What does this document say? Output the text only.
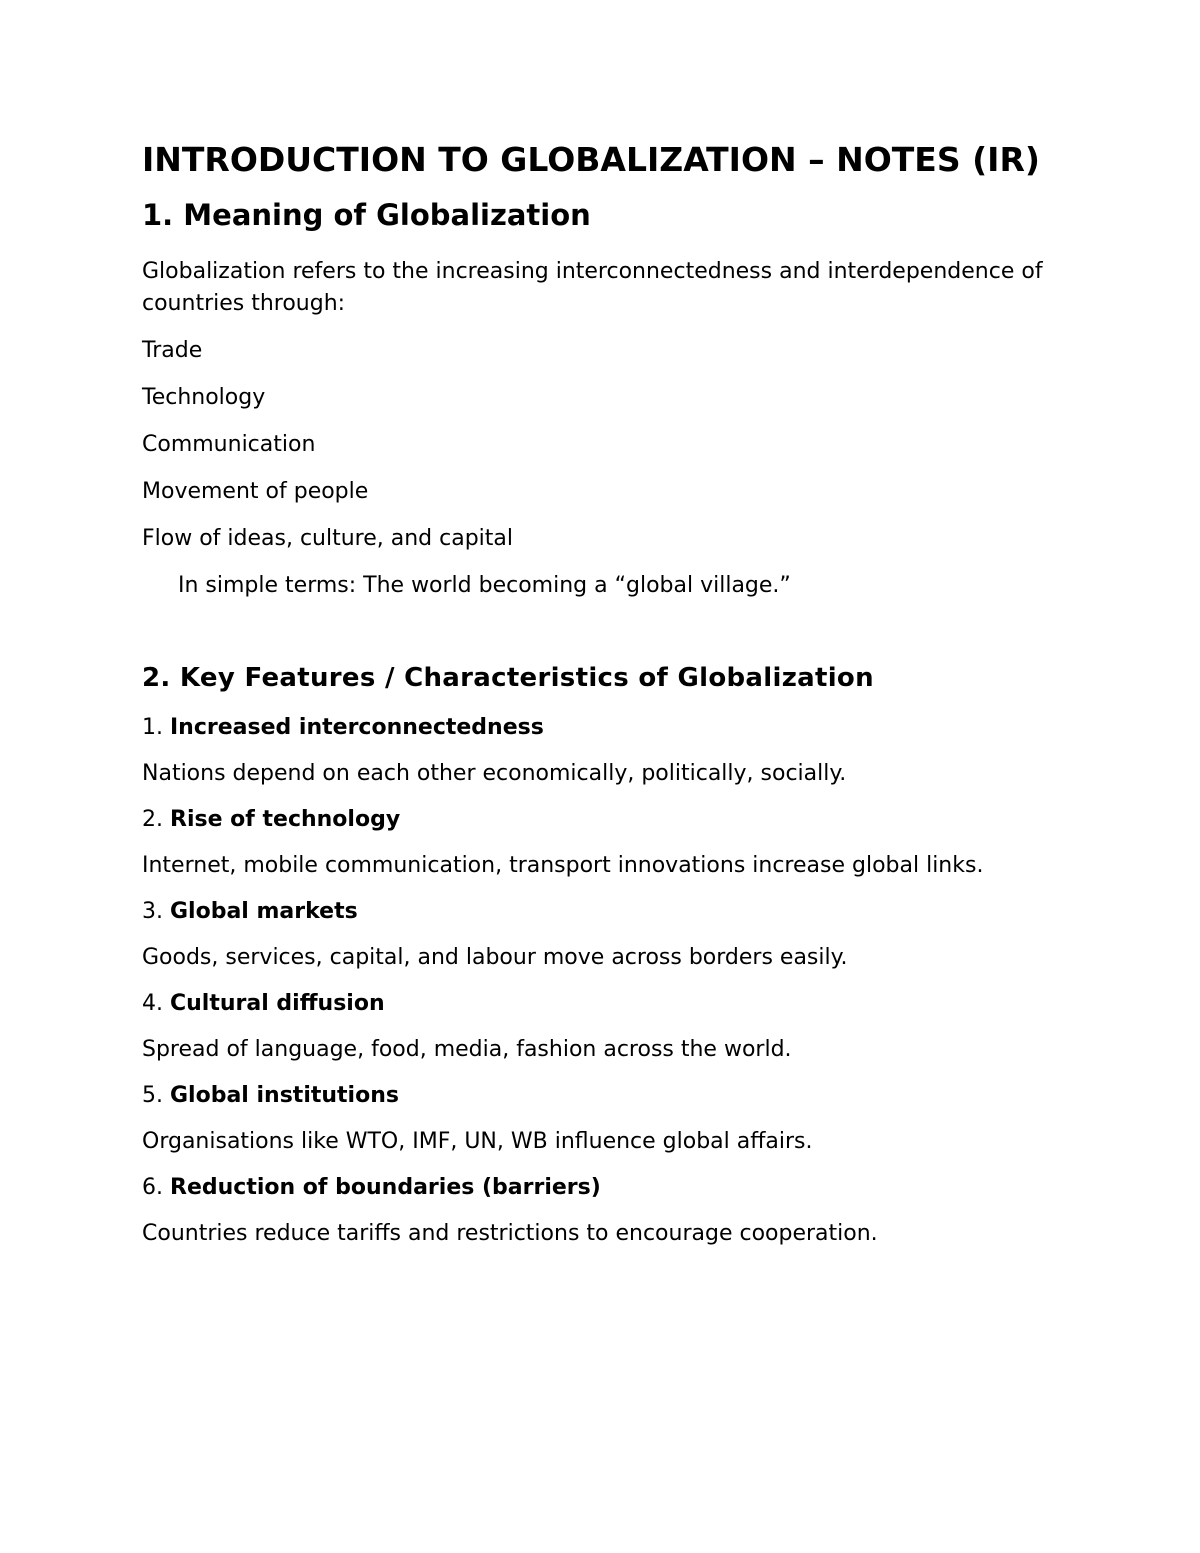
INTRODUCTION TO GLOBALIZATION – NOTES (IR)
1. Meaning of Globalization

Globalization refers to the increasing interconnectedness and interdependence of countries through:

Trade

Technology

Communication

Movement of people

Flow of ideas, culture, and capital

In simple terms: The world becoming a “global village.”

2. Key Features / Characteristics of Globalization

1. Increased interconnectedness

Nations depend on each other economically, politically, socially.

2. Rise of technology

Internet, mobile communication, transport innovations increase global links.

3. Global markets

Goods, services, capital, and labour move across borders easily.

4. Cultural diffusion

Spread of language, food, media, fashion across the world.

5. Global institutions

Organisations like WTO, IMF, UN, WB influence global affairs.

6. Reduction of boundaries (barriers)

Countries reduce tariffs and restrictions to encourage cooperation.
